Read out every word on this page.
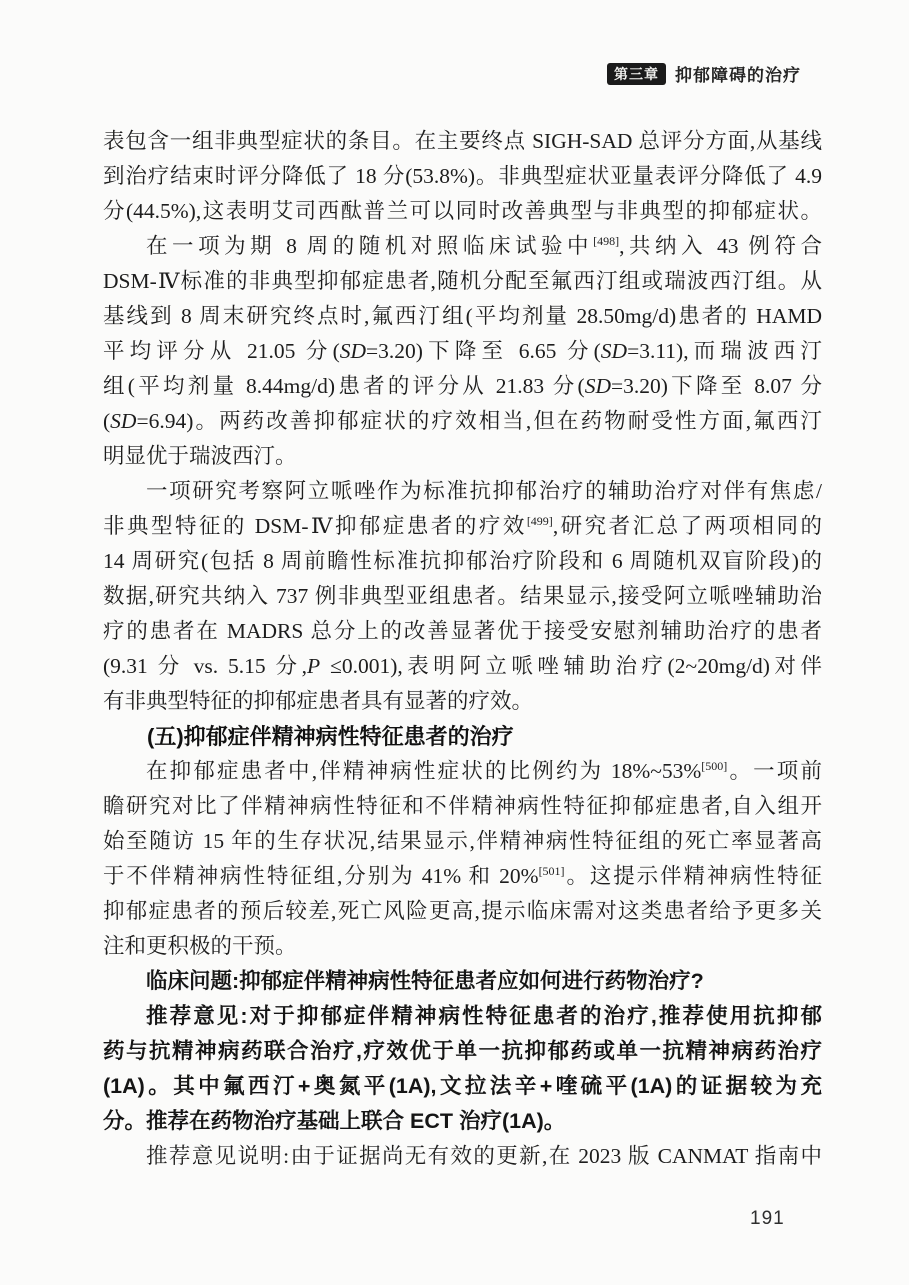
第三章 抑郁障碍的治疗
表包含一组非典型症状的条目。在主要终点 SIGH-SAD 总评分方面,从基线
到治疗结束时评分降低了 18 分(53.8%)。非典型症状亚量表评分降低了 4.9
分(44.5%),这表明艾司西酞普兰可以同时改善典型与非典型的抑郁症状。
在一项为期 8 周的随机对照临床试验中[498],共纳入 43 例符合
DSM-Ⅳ标准的非典型抑郁症患者,随机分配至氟西汀组或瑞波西汀组。从
基线到 8 周末研究终点时,氟西汀组(平均剂量 28.50mg/d)患者的 HAMD
平均评分从 21.05 分(SD=3.20)下降至 6.65 分(SD=3.11),而瑞波西汀
组(平均剂量 8.44mg/d)患者的评分从 21.83 分(SD=3.20)下降至 8.07 分
(SD=6.94)。两药改善抑郁症状的疗效相当,但在药物耐受性方面,氟西汀
明显优于瑞波西汀。
一项研究考察阿立哌唑作为标准抗抑郁治疗的辅助治疗对伴有焦虑/
非典型特征的 DSM-Ⅳ抑郁症患者的疗效[499],研究者汇总了两项相同的
14 周研究(包括 8 周前瞻性标准抗抑郁治疗阶段和 6 周随机双盲阶段)的
数据,研究共纳入 737 例非典型亚组患者。结果显示,接受阿立哌唑辅助治
疗的患者在 MADRS 总分上的改善显著优于接受安慰剂辅助治疗的患者
(9.31 分 vs. 5.15 分,P ≤0.001),表明阿立哌唑辅助治疗(2~20mg/d)对伴
有非典型特征的抑郁症患者具有显著的疗效。
(五)抑郁症伴精神病性特征患者的治疗
在抑郁症患者中,伴精神病性症状的比例约为 18%~53%[500]。一项前
瞻研究对比了伴精神病性特征和不伴精神病性特征抑郁症患者,自入组开
始至随访 15 年的生存状况,结果显示,伴精神病性特征组的死亡率显著高
于不伴精神病性特征组,分别为 41% 和 20%[501]。这提示伴精神病性特征
抑郁症患者的预后较差,死亡风险更高,提示临床需对这类患者给予更多关
注和更积极的干预。
临床问题:抑郁症伴精神病性特征患者应如何进行药物治疗?
推荐意见:对于抑郁症伴精神病性特征患者的治疗,推荐使用抗抑郁
药与抗精神病药联合治疗,疗效优于单一抗抑郁药或单一抗精神病药治疗
(1A)。其中氟西汀+奥氮平(1A),文拉法辛+喹硫平(1A)的证据较为充
分。推荐在药物治疗基础上联合 ECT 治疗(1A)。
推荐意见说明:由于证据尚无有效的更新,在 2023 版 CANMAT 指南中
191
